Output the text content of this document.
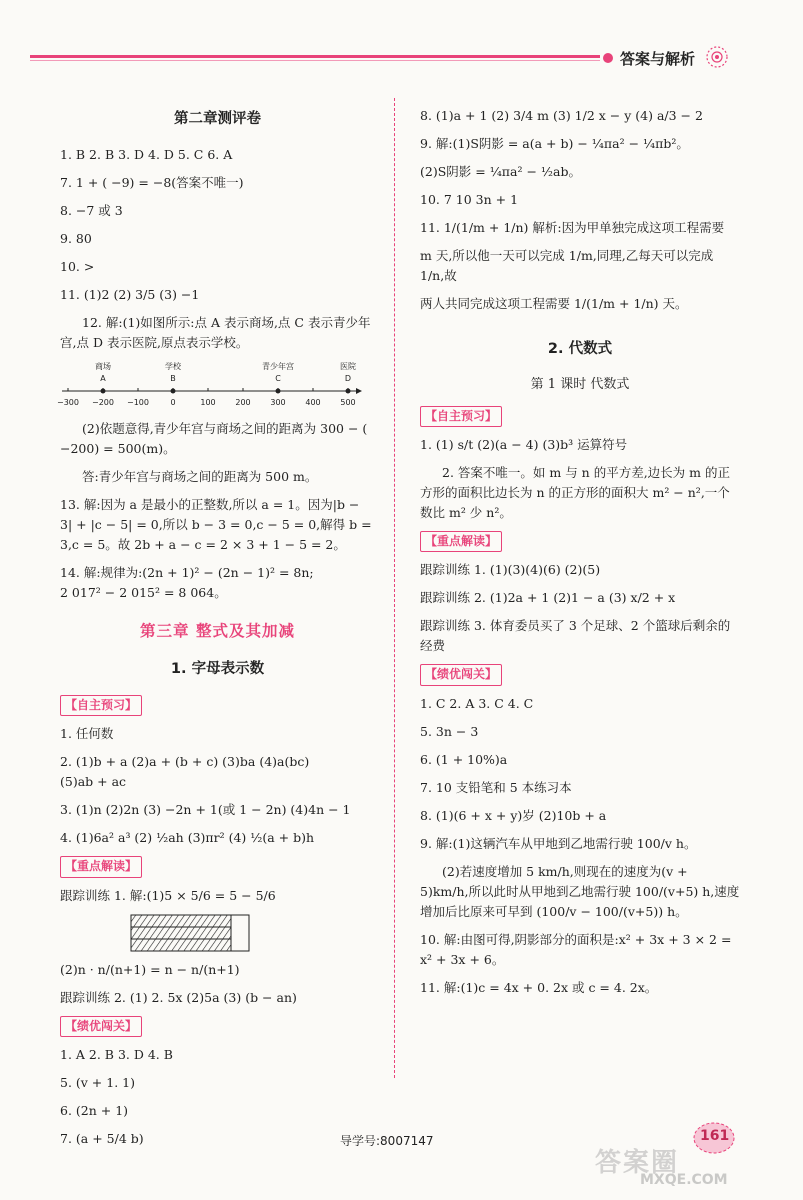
答案与解析

第二章测评卷

1. B 2. B 3. D 4. D 5. C 6. A

7. 1 + ( −9) = −8(答案不唯一)

8. −7 或 3

9. 80

10. >

11. (1)2 (2) 3/5 (3) −1

12. 解:(1)如图所示:点 A 表示商场,点 C 表示青少年宫,点 D 表示医院,原点表示学校。

商场	学校	青少年宫	医院
A	B	C	D
−300 −200 −100	0	100 200 300 400 500

(2)依题意得,青少年宫与商场之间的距离为 300 − ( −200) = 500(m)。

答:青少年宫与商场之间的距离为 500 m。

13. 解:因为 a 是最小的正整数,所以 a = 1。因为|b − 3| + |c − 5| = 0,所以 b − 3 = 0,c − 5 = 0,解得 b = 3,c = 5。故 2b + a − c = 2 × 3 + 1 − 5 = 2。

14. 解:规律为:(2n + 1)² − (2n − 1)² = 8n;

2 017² − 2 015² = 8 064。

第三章 整式及其加减

1. 字母表示数

【自主预习】

1. 任何数

2. (1)b + a (2)a + (b + c) (3)ba (4)a(bc)

(5)ab + ac

3. (1)n (2)2n (3) −2n + 1(或 1 − 2n) (4)4n − 1

4. (1)6a² a³ (2) ½ah (3)πr² (4) ½(a + b)h

【重点解读】

跟踪训练 1. 解:(1)5 × 5/6 = 5 − 5/6

(2)n · n/(n+1) = n − n/(n+1)

跟踪训练 2. (1) 2. 5x (2)5a (3) (b − an)

【绩优闯关】

1. A 2. B 3. D 4. B

5. (v + 1. 1)

6. (2n + 1)

7. (a + 5/4 b)

8. (1)a + 1 (2) 3/4 m (3) 1/2 x − y (4) a/3 − 2

9. 解:(1)S阴影 = a(a + b) − ¼πa² − ¼πb²。

(2)S阴影 = ¼πa² − ½ab。

10. 7 10 3n + 1

11. 1/(1/m + 1/n) 解析:因为甲单独完成这项工程需要

m 天,所以他一天可以完成 1/m,同理,乙每天可以完成 1/n,故

两人共同完成这项工程需要 1/(1/m + 1/n) 天。

2. 代数式

第 1 课时 代数式

【自主预习】

1. (1) s/t (2)(a − 4) (3)b³ 运算符号

2. 答案不唯一。如 m 与 n 的平方差,边长为 m 的正方形的面积比边长为 n 的正方形的面积大 m² − n²,一个数比 m² 少 n²。

【重点解读】

跟踪训练 1. (1)(3)(4)(6) (2)(5)

跟踪训练 2. (1)2a + 1 (2)1 − a (3) x/2 + x

跟踪训练 3. 体育委员买了 3 个足球、2 个篮球后剩余的经费

【绩优闯关】

1. C 2. A 3. C 4. C

5. 3n − 3

6. (1 + 10%)a

7. 10 支铅笔和 5 本练习本

8. (1)(6 + x + y)岁 (2)10b + a

9. 解:(1)这辆汽车从甲地到乙地需行驶 100/v h。

(2)若速度增加 5 km/h,则现在的速度为(v + 5)km/h,所以此时从甲地到乙地需行驶 100/(v+5) h,速度增加后比原来可早到 (100/v − 100/(v+5)) h。

10. 解:由图可得,阴影部分的面积是:x² + 3x + 3 × 2 = x² + 3x + 6。

11. 解:(1)c = 4x + 0. 2x 或 c = 4. 2x。

导学号:8007147	161
答案圈
MXQE.COM
